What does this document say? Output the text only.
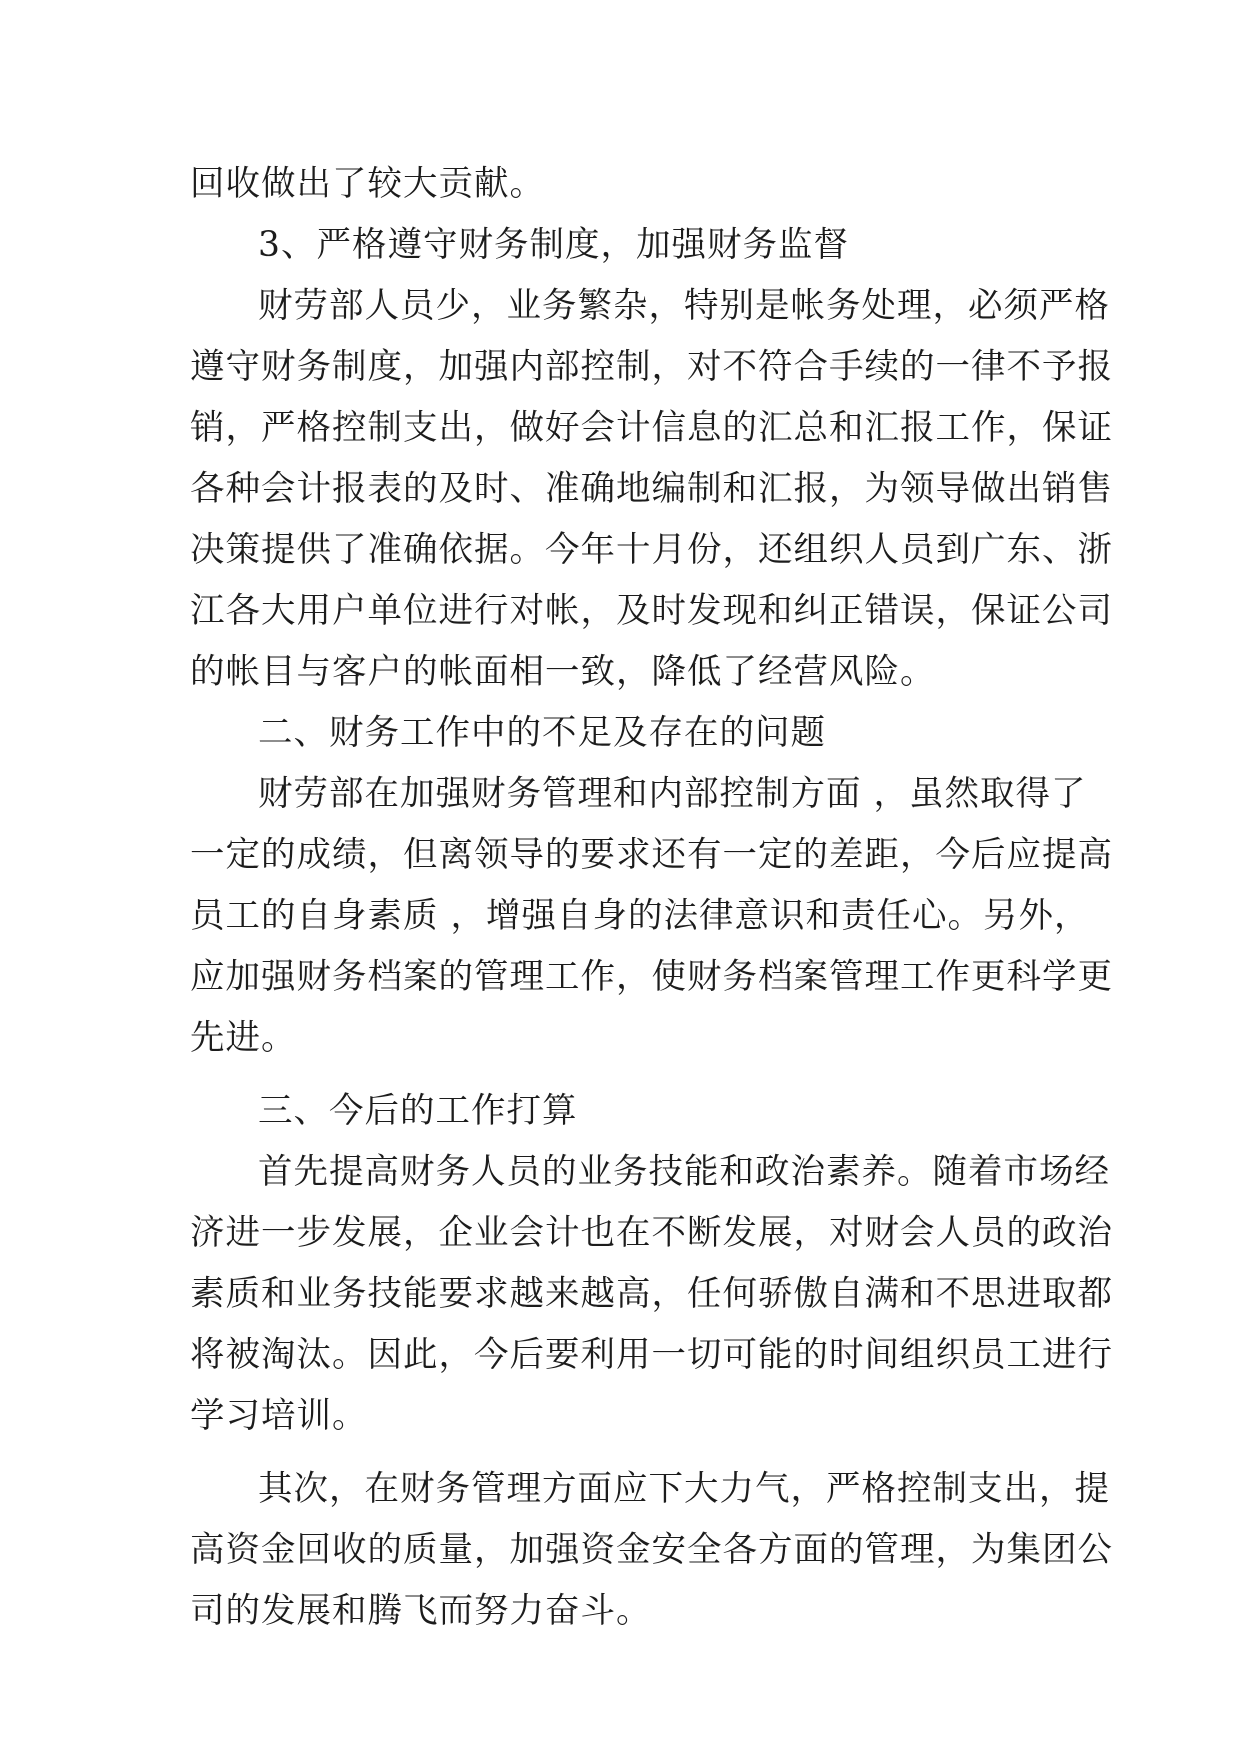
回收做出了较大贡献。
3、严格遵守财务制度，加强财务监督
财劳部人员少，业务繁杂，特别是帐务处理，必须严格
遵守财务制度，加强内部控制，对不符合手续的一律不予报
销，严格控制支出，做好会计信息的汇总和汇报工作，保证
各种会计报表的及时、准确地编制和汇报，为领导做出销售
决策提供了准确依据。今年十月份，还组织人员到广东、浙
江各大用户单位进行对帐，及时发现和纠正错误，保证公司
的帐目与客户的帐面相一致，降低了经营风险。
二、财务工作中的不足及存在的问题
财劳部在加强财务管理和内部控制方面 ，虽然取得了
一定的成绩，但离领导的要求还有一定的差距，今后应提高
员工的自身素质 ，增强自身的法律意识和责任心。另外，
应加强财务档案的管理工作，使财务档案管理工作更科学更
先进。
三、今后的工作打算
首先提高财务人员的业务技能和政治素养。随着市场经
济进一步发展，企业会计也在不断发展，对财会人员的政治
素质和业务技能要求越来越高，任何骄傲自满和不思进取都
将被淘汰。因此，今后要利用一切可能的时间组织员工进行
学习培训。
其次，在财务管理方面应下大力气，严格控制支出，提
高资金回收的质量，加强资金安全各方面的管理，为集团公
司的发展和腾飞而努力奋斗。
